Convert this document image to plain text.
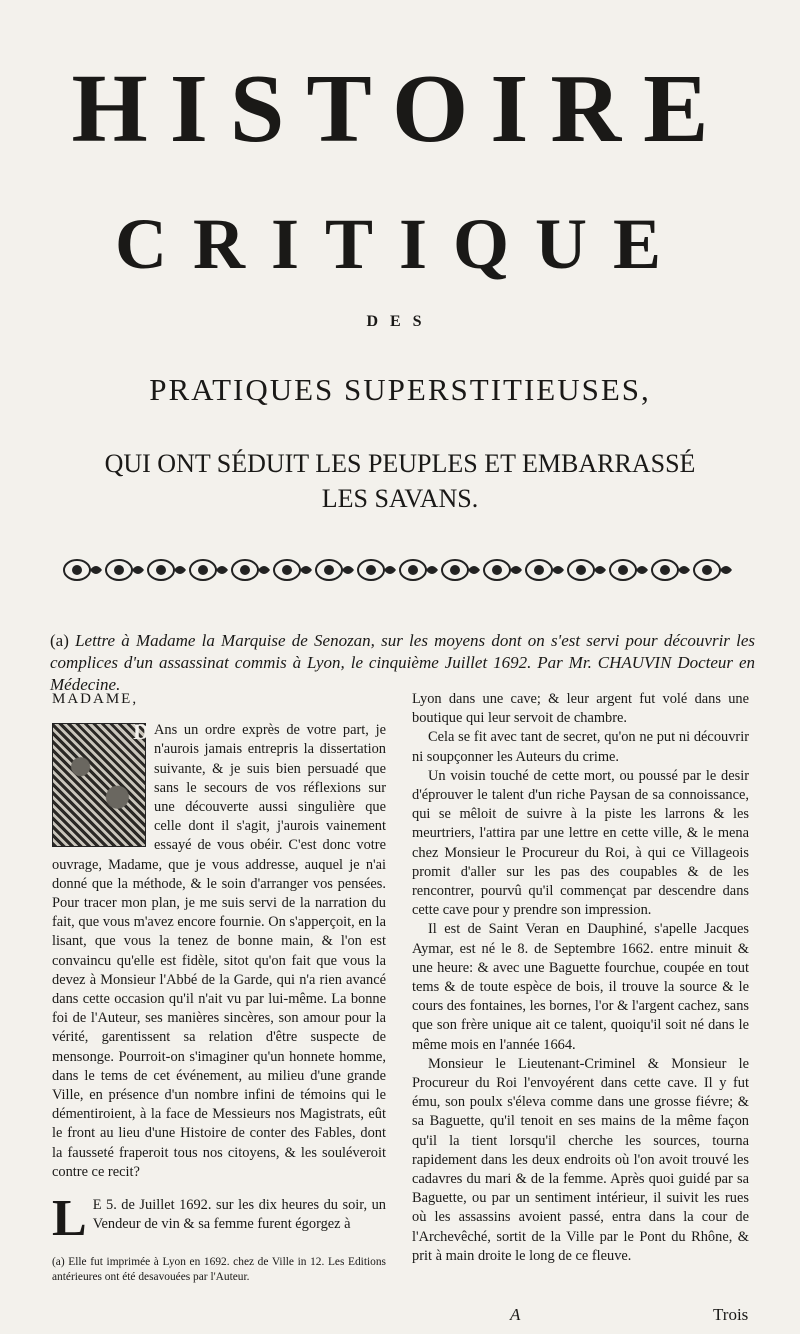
HISTOIRE
CRITIQUE
DES
PRATIQUES SUPERSTITIEUSES,
QUI ONT SÉDUIT LES PEUPLES ET EMBARRASSÉ
LES SAVANS.
(a) Lettre à Madame la Marquise de Senozan, sur les moyens dont on s'est servi pour découvrir les complices d'un assassinat commis à Lyon, le cinquième Juillet 1692. Par Mr. CHAUVIN Docteur en Médecine.

MADAME,

D Ans un ordre exprès de votre part, je n'aurois jamais entrepris la dissertation suivante, & je suis bien persuadé que sans le secours de vos réflexions sur une découverte aussi singulière que celle dont il s'agit, j'aurois vainement essayé de vous obéir. C'est donc votre ouvrage, Madame, que je vous addresse, auquel je n'ai donné que la méthode, & le soin d'arranger vos pensées. Pour tracer mon plan, je me suis servi de la narration du fait, que vous m'avez encore fournie. On s'apperçoit, en la lisant, que vous la tenez de bonne main, & l'on est convaincu qu'elle est fidèle, sitot qu'on fait que vous la devez à Monsieur l'Abbé de la Garde, qui n'a rien avancé dans cette occasion qu'il n'ait vu par lui-même. La bonne foi de l'Auteur, ses manières sincères, son amour pour la vérité, garentissent sa relation d'être suspecte de mensonge. Pourroit-on s'imaginer qu'un honnete homme, dans le tems de cet événement, au milieu d'une grande Ville, en présence d'un nombre infini de témoins qui le démentiroient, à la face de Messieurs nos Magistrats, eût le front au lieu d'une Histoire de conter des Fables, dont la fausseté fraperoit tous nos citoyens, & les souléveroit contre ce recit?

L E 5. de Juillet 1692. sur les dix heures du soir, un Vendeur de vin & sa femme furent égorgez à

(a) Elle fut imprimée à Lyon en 1692. chez de Ville in 12. Les Editions antérieures ont été desavouées par l'Auteur.

Lyon dans une cave; & leur argent fut volé dans une boutique qui leur servoit de chambre.

Cela se fit avec tant de secret, qu'on ne put ni découvrir ni soupçonner les Auteurs du crime.

Un voisin touché de cette mort, ou poussé par le desir d'éprouver le talent d'un riche Paysan de sa connoissance, qui se mêloit de suivre à la piste les larrons & les meurtriers, l'attira par une lettre en cette ville, & le mena chez Monsieur le Procureur du Roi, à qui ce Villageois promit d'aller sur les pas des coupables & de les rencontrer, pourvû qu'il commençat par descendre dans cette cave pour y prendre son impression.

Il est de Saint Veran en Dauphiné, s'apelle Jacques Aymar, est né le 8. de Septembre 1662. entre minuit & une heure: & avec une Baguette fourchue, coupée en tout tems & de toute espèce de bois, il trouve la source & le cours des fontaines, les bornes, l'or & l'argent cachez, sans que son frère unique ait ce talent, quoiqu'il soit né dans le même mois en l'année 1664.

Monsieur le Lieutenant-Criminel & Monsieur le Procureur du Roi l'envoyérent dans cette cave. Il y fut ému, son poulx s'éleva comme dans une grosse fiévre; & sa Baguette, qu'il tenoit en ses mains de la même façon qu'il la tient lorsqu'il cherche les sources, tourna rapidement dans les deux endroits où l'on avoit trouvé les cadavres du mari & de la femme. Après quoi guidé par sa Baguette, ou par un sentiment intérieur, il suivit les rues où les assassins avoient passé, entra dans la cour de l'Archevêché, sortit de la Ville par le Pont du Rhône, & prit à main droite le long de ce fleuve.

A	Trois
